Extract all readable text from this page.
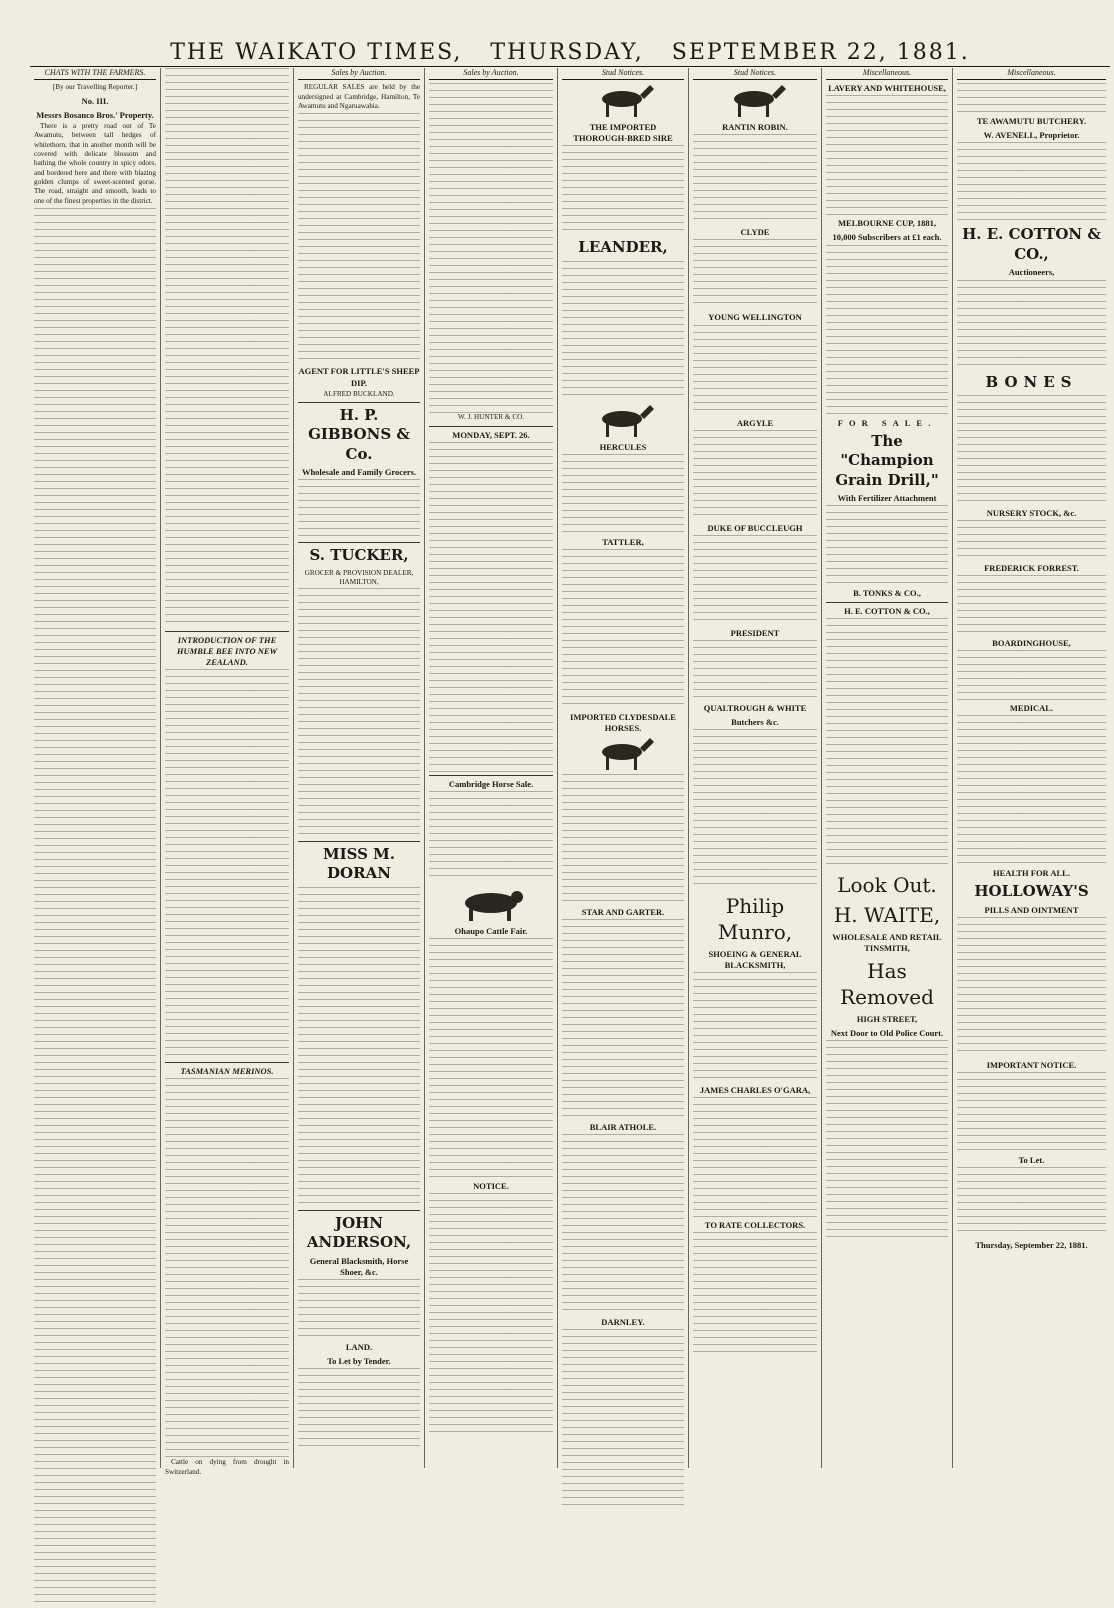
THE WAIKATO TIMES, THURSDAY, SEPTEMBER 22, 1881.
CHATS WITH THE FARMERS.
[By our Travelling Reporter.]
No. III.
Messrs Bosanco Bros.' Property.

There is a pretty road out of Te Awamutu, between tall hedges of whitethorn, that in another month will be covered with delicate blossom and bathing the whole country in spicy odors, and bordered here and there with blazing golden clumps of sweet-scented gorse. The road, straight and smooth, leads to one of the finest properties in the district.

INTRODUCTION OF THE HUMBLE BEE INTO NEW ZEALAND.
TASMANIAN MERINOS.

Cattle on dying from drought in Switzerland.

Sales by Auction.

REGULAR SALES are held by the undersigned at Cambridge, Hamilton, Te Awamutu and Ngaruawahia.

AGENT FOR LITTLE'S SHEEP DIP.
ALFRED BUCKLAND.
H. P. GIBBONS & Co.
Wholesale and Family Grocers.
S. TUCKER,
GROCER & PROVISION DEALER, HAMILTON,
MISS M. DORAN
JOHN ANDERSON,
General Blacksmith, Horse Shoer, &c.
LAND.
To Let by Tender.
Sales by Auction.
W. J. HUNTER & CO.
MONDAY, SEPT. 26.
Cambridge Horse Sale.
Ohaupo Cattle Fair.
NOTICE.
Stud Notices.
THE IMPORTED THOROUGH-BRED SIRE
LEANDER,
HERCULES
TATTLER,
IMPORTED CLYDESDALE HORSES.
STAR AND GARTER.
BLAIR ATHOLE.
DARNLEY.
Stud Notices.
RANTIN ROBIN.
CLYDE
YOUNG WELLINGTON
ARGYLE
DUKE OF BUCCLEUGH
PRESIDENT
QUALTROUGH & WHITE
Butchers &c.
Philip Munro,
SHOEING & GENERAL BLACKSMITH,
JAMES CHARLES O'GARA,
TO RATE COLLECTORS.
Miscellaneous.
LAVERY AND WHITEHOUSE,
MELBOURNE CUP, 1881,
10,000 Subscribers at £1 each.
FOR SALE.
The "Champion Grain Drill,"
With Fertilizer Attachment
B. TONKS & CO.,
H. E. COTTON & CO.,
Look Out.
H. WAITE,
WHOLESALE AND RETAIL TINSMITH,
Has Removed
HIGH STREET,
Next Door to Old Police Court.
Miscellaneous.
TE AWAMUTU BUTCHERY.
W. AVENELL, Proprietor.
H. E. COTTON & CO.,
Auctioneers,
BONES
NURSERY STOCK, &c.
FREDERICK FORREST.
BOARDINGHOUSE,
MEDICAL.
HEALTH FOR ALL.
HOLLOWAY'S
PILLS AND OINTMENT
IMPORTANT NOTICE.
To Let.
Thursday, September 22, 1881.
